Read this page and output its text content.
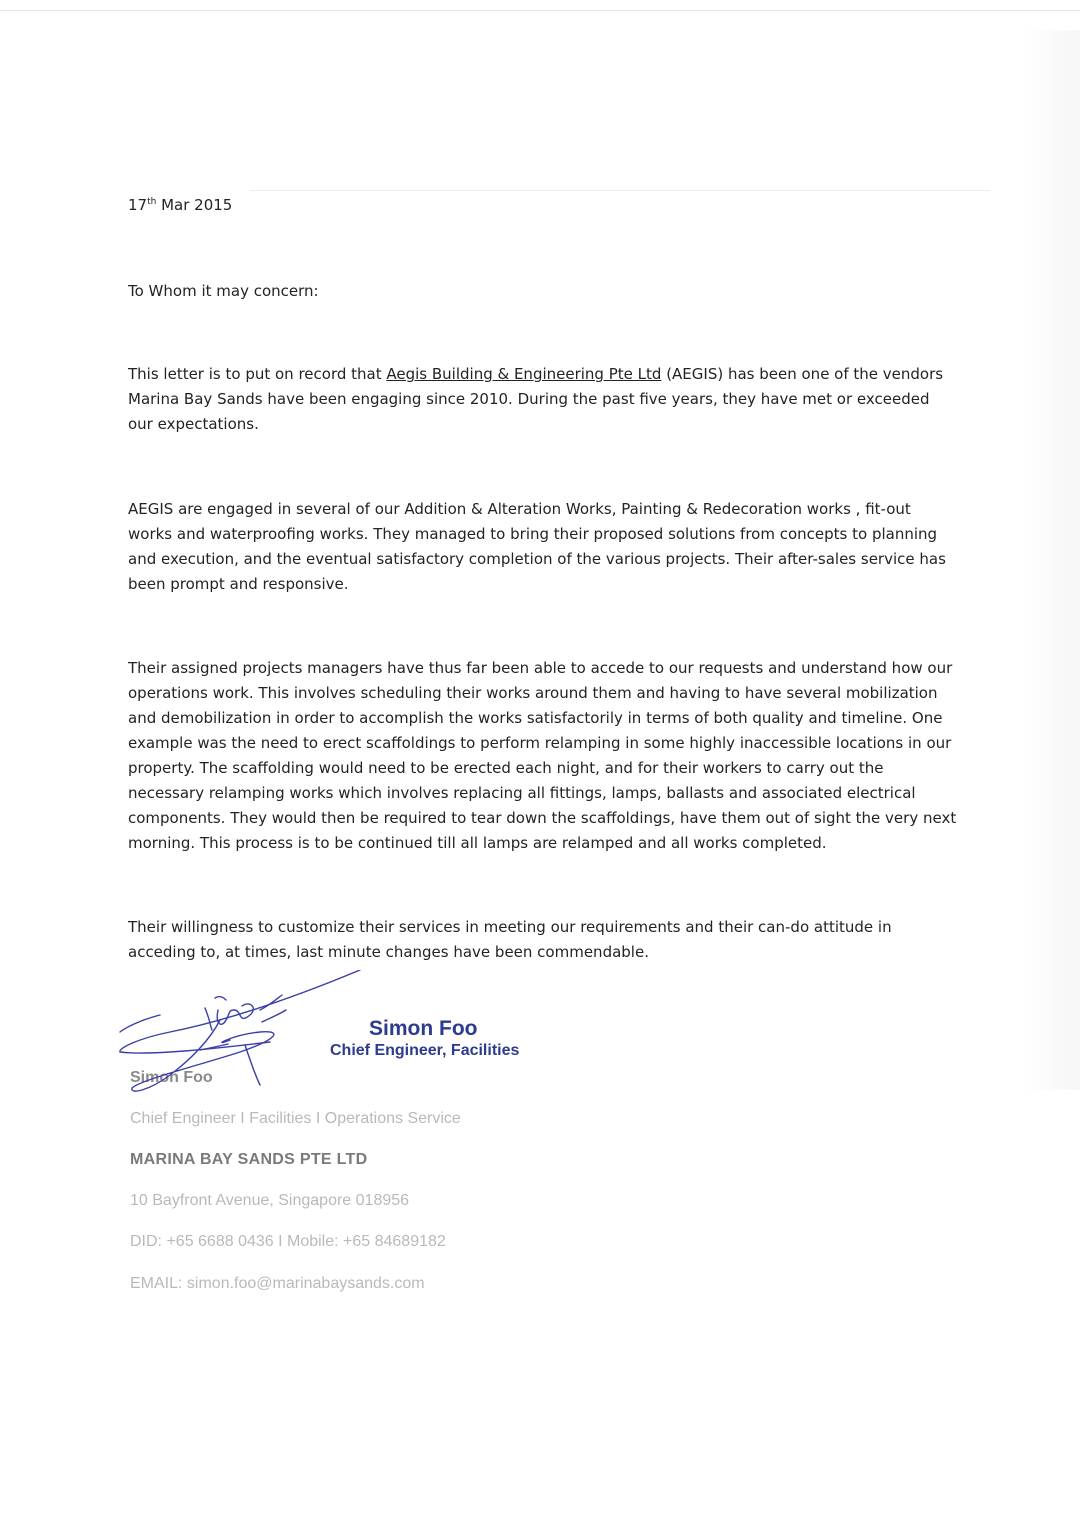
17th Mar 2015
To Whom it may concern:
This letter is to put on record that Aegis Building & Engineering Pte Ltd (AEGIS) has been one of the vendors Marina Bay Sands have been engaging since 2010. During the past five years, they have met or exceeded our expectations.
AEGIS are engaged in several of our Addition & Alteration Works, Painting & Redecoration works , fit-out works and waterproofing works. They managed to bring their proposed solutions from concepts to planning and execution, and the eventual satisfactory completion of the various projects. Their after-sales service has been prompt and responsive.
Their assigned projects managers have thus far been able to accede to our requests and understand how our operations work. This involves scheduling their works around them and having to have several mobilization and demobilization in order to accomplish the works satisfactorily in terms of both quality and timeline. One example was the need to erect scaffoldings to perform relamping in some highly inaccessible locations in our property. The scaffolding would need to be erected each night, and for their workers to carry out the necessary relamping works which involves replacing all fittings, lamps, ballasts and associated electrical components. They would then be required to tear down the scaffoldings, have them out of sight the very next morning. This process is to be continued till all lamps are relamped and all works completed.
Their willingness to customize their services in meeting our requirements and their can-do attitude in acceding to, at times, last minute changes have been commendable.
Simon Foo
Simon Foo
Chief Engineer, Facilities
Chief Engineer I Facilities I Operations Service
MARINA BAY SANDS PTE LTD
10 Bayfront Avenue, Singapore 018956
DID: +65 6688 0436 I Mobile: +65 84689182
EMAIL: simon.foo@marinabaysands.com
